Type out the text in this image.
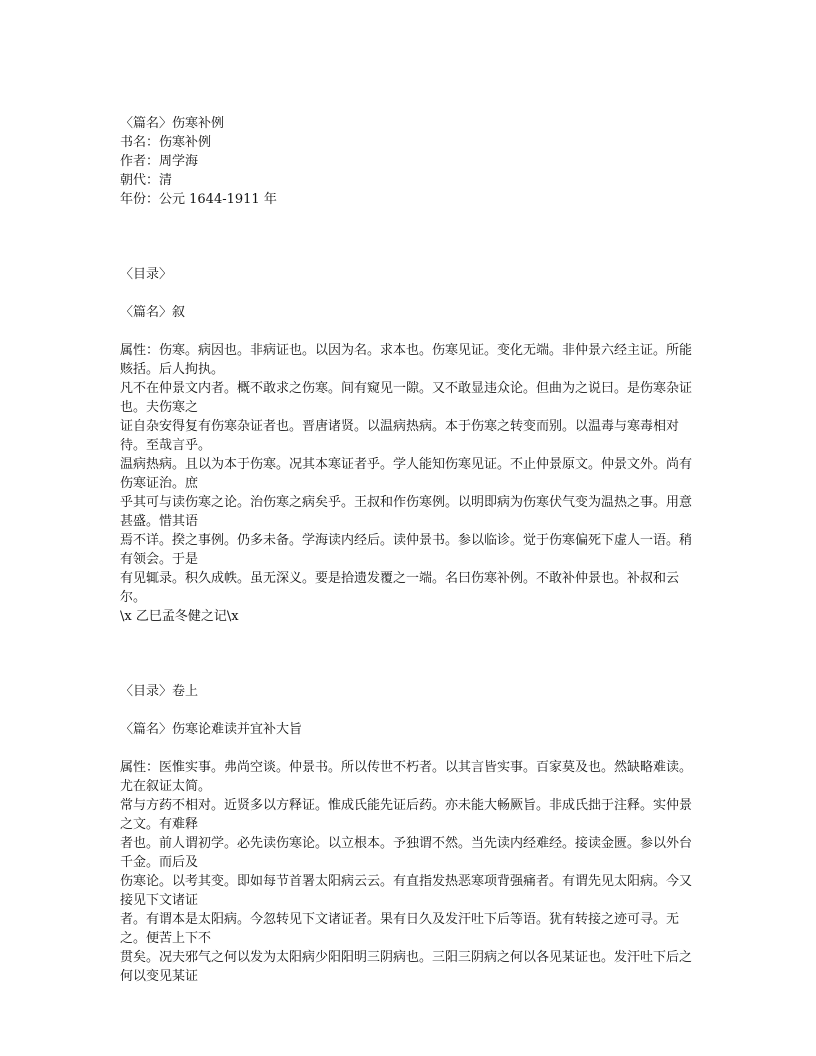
〈篇名〉伤寒补例
书名：伤寒补例
作者：周学海
朝代：清
年份：公元 1644-1911 年
〈目录〉
〈篇名〉叙
属性：伤寒。病因也。非病证也。以因为名。求本也。伤寒见证。变化无端。非仲景六经主证。所能赅括。后人拘执。
凡不在仲景文内者。概不敢求之伤寒。间有窥见一隙。又不敢显违众论。但曲为之说曰。是伤寒杂证也。夫伤寒之
证自杂安得复有伤寒杂证者也。晋唐诸贤。以温病热病。本于伤寒之转变而别。以温毒与寒毒相对待。至哉言乎。
温病热病。且以为本于伤寒。况其本寒证者乎。学人能知伤寒见证。不止仲景原文。仲景文外。尚有伤寒证治。庶
乎其可与读伤寒之论。治伤寒之病矣乎。王叔和作伤寒例。以明即病为伤寒伏气变为温热之事。用意甚盛。惜其语
焉不详。揆之事例。仍多未备。学海读内经后。读仲景书。参以临诊。觉于伤寒偏死下虚人一语。稍有领会。于是
有见辄录。积久成帙。虽无深义。要是拾遗发覆之一端。名曰伤寒补例。不敢补仲景也。补叔和云尔。
\x 乙巳孟冬健之记\x
〈目录〉卷上
〈篇名〉伤寒论难读并宜补大旨
属性：医惟实事。弗尚空谈。仲景书。所以传世不朽者。以其言皆实事。百家莫及也。然缺略难读。尤在叙证太简。
常与方药不相对。近贤多以方释证。惟成氏能先证后药。亦未能大畅厥旨。非成氏拙于注释。实仲景之文。有难释
者也。前人谓初学。必先读伤寒论。以立根本。予独谓不然。当先读内经难经。接读金匮。参以外台千金。而后及
伤寒论。以考其变。即如每节首署太阳病云云。有直指发热恶寒项背强痛者。有谓先见太阳病。今又接见下文诸证
者。有谓本是太阳病。今忽转见下文诸证者。果有日久及发汗吐下后等语。犹有转接之迹可寻。无之。便苦上下不
贯矣。况夫邪气之何以发为太阳病少阳阳明三阴病也。三阳三阴病之何以各见某证也。发汗吐下后之何以变见某证
